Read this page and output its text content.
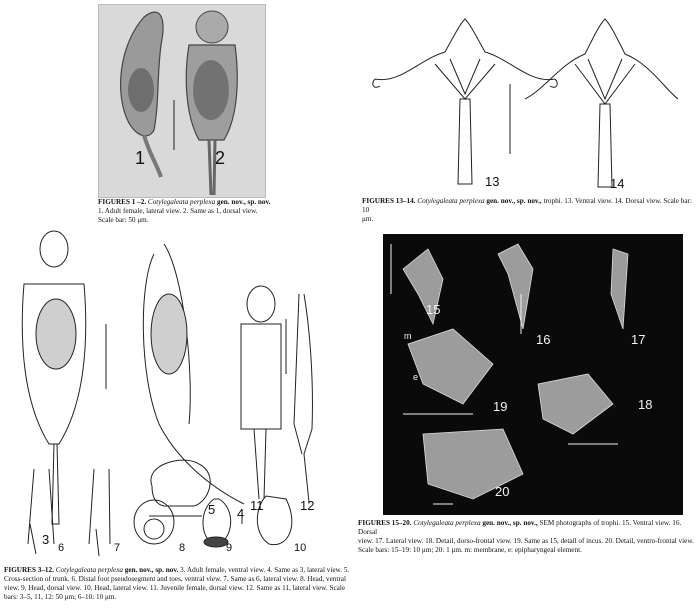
1	2
FIGURES 1 –2. Cotylegaleata perplexa gen. nov., sp. nov.
1. Adult female, lateral view. 2. Same as 1, dorsal view.
Scale bar: 50 μm.
13	14
FIGURES 13–14. Cotylegaleata perplexa gen. nov., sp. nov., trophi. 13. Ventral view. 14. Dorsal view. Scale bar: 10
μm.
3
4
5
6	7	8	9	10
11	12
FIGURES 3–12. Cotylegaleata perplexa gen. nov., sp. nov. 3. Adult female, ventral view. 4. Same as 3, lateral view. 5.
Cross-section of trunk. 6. Distal foot pseudosegment and toes, ventral view. 7. Same as 6, lateral view. 8. Head, ventral
view. 9. Head, dorsal view. 10. Head, lateral view. 11. Juvenile female, dorsal view. 12. Same as 11, lateral view. Scale
bars: 3–5, 11, 12: 50 μm; 6–10: 10 μm.
15
16	17
19	18
20
m
e
FIGURES 15–20. Cotylegaleata perplexa gen. nov., sp. nov., SEM photographs of trophi. 15. Ventral view. 16. Dorsal
view. 17. Lateral view. 18. Detail, dorso-frontal view. 19. Same as 15, detail of incus. 20. Detail, ventro-frontal view.
Scale bars: 15–19: 10 μm; 20: 1 μm. m: membrane, e: epipharyngeal element.
